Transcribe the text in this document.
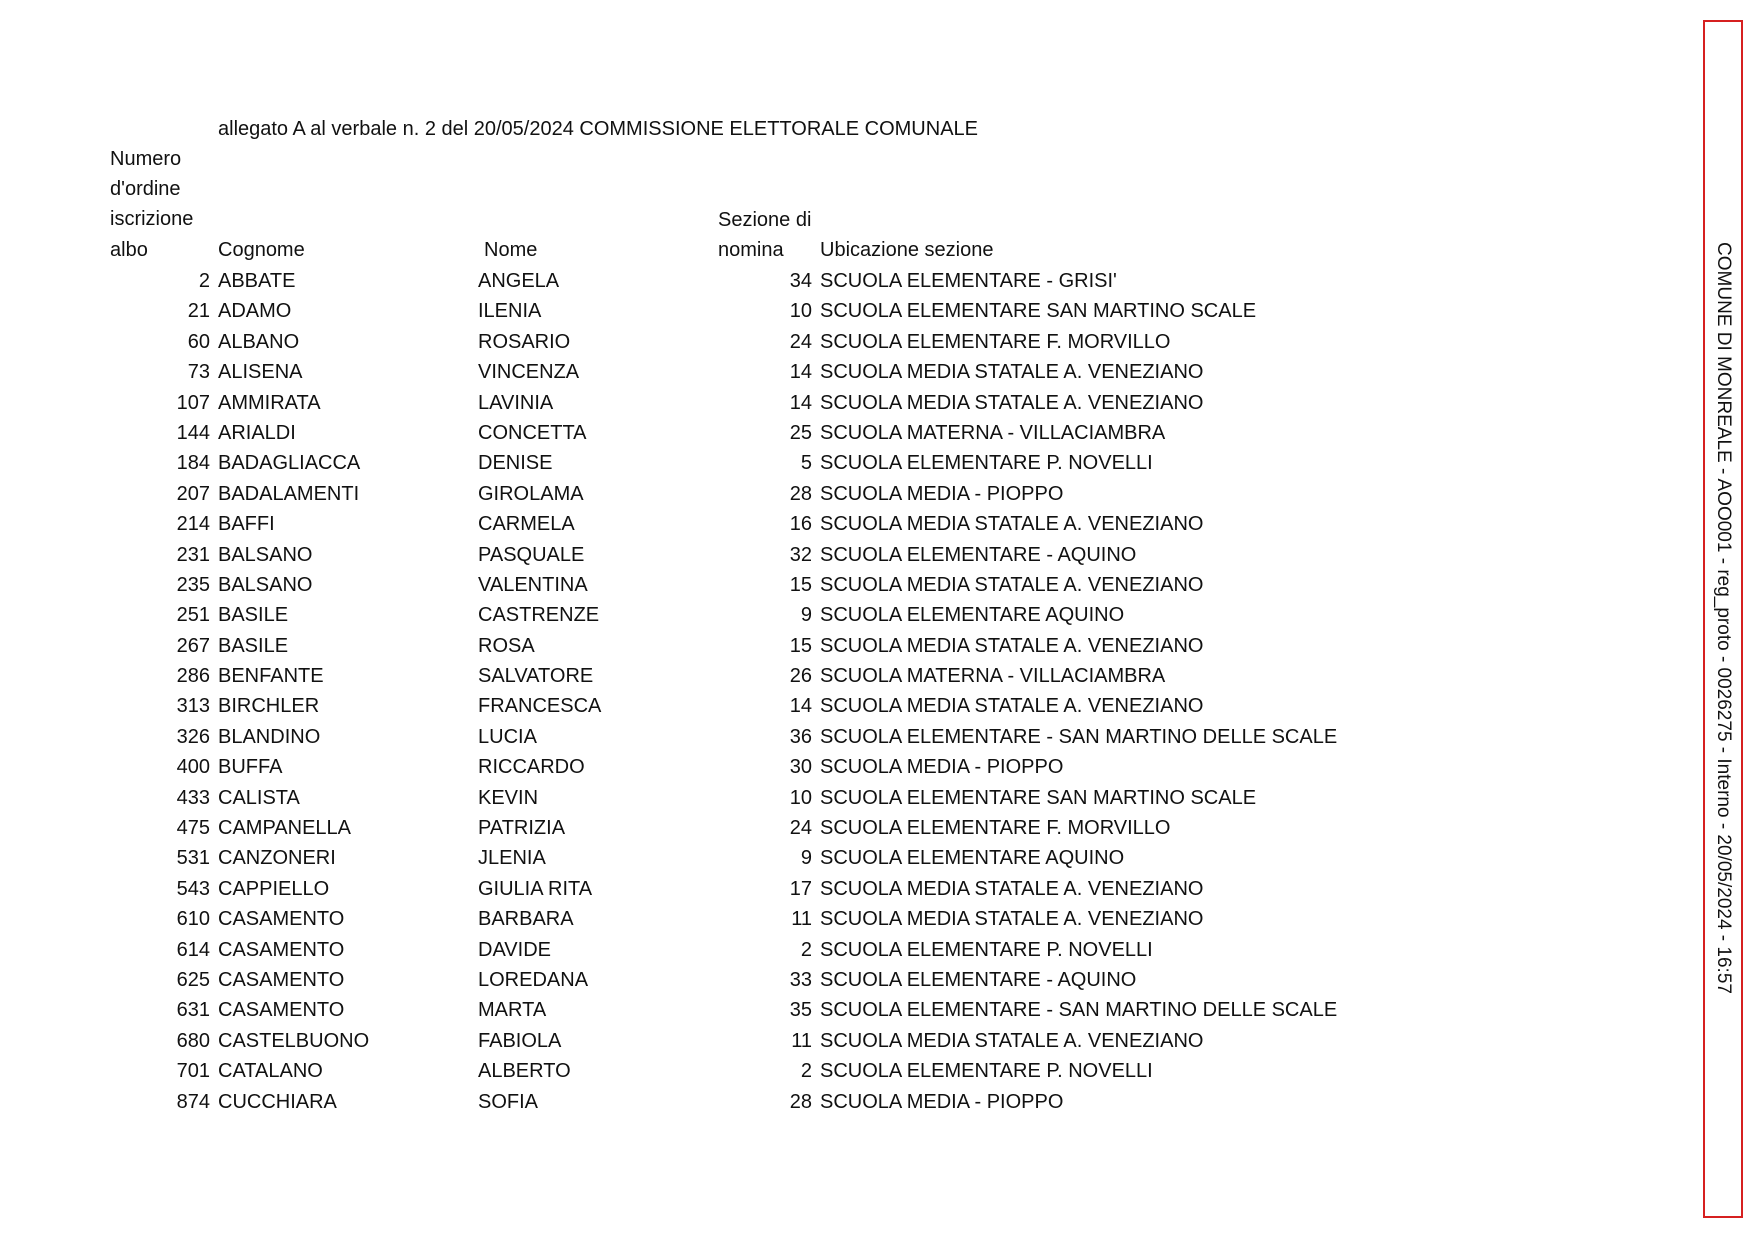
allegato A al verbale n. 2 del 20/05/2024 COMMISSIONE ELETTORALE COMUNALE
Numero
d'ordine
iscrizione
albo	Cognome	Nome
Sezione di
nomina	Ubicazione sezione
2 ABBATE	ANGELA	34 SCUOLA ELEMENTARE - GRISI'
21 ADAMO	ILENIA	10 SCUOLA ELEMENTARE SAN MARTINO SCALE
60 ALBANO	ROSARIO	24 SCUOLA ELEMENTARE F. MORVILLO
73 ALISENA	VINCENZA	14 SCUOLA MEDIA STATALE A. VENEZIANO
107 AMMIRATA	LAVINIA	14 SCUOLA MEDIA STATALE A. VENEZIANO
144 ARIALDI	CONCETTA	25 SCUOLA MATERNA - VILLACIAMBRA
184 BADAGLIACCA	DENISE	5 SCUOLA ELEMENTARE P. NOVELLI
207 BADALAMENTI	GIROLAMA	28 SCUOLA MEDIA - PIOPPO
214 BAFFI	CARMELA	16 SCUOLA MEDIA STATALE A. VENEZIANO
231 BALSANO	PASQUALE	32 SCUOLA ELEMENTARE - AQUINO
235 BALSANO	VALENTINA	15 SCUOLA MEDIA STATALE A. VENEZIANO
251 BASILE	CASTRENZE	9 SCUOLA ELEMENTARE AQUINO
267 BASILE	ROSA	15 SCUOLA MEDIA STATALE A. VENEZIANO
286 BENFANTE	SALVATORE	26 SCUOLA MATERNA - VILLACIAMBRA
313 BIRCHLER	FRANCESCA	14 SCUOLA MEDIA STATALE A. VENEZIANO
326 BLANDINO	LUCIA	36 SCUOLA ELEMENTARE - SAN MARTINO DELLE SCALE
400 BUFFA	RICCARDO	30 SCUOLA MEDIA - PIOPPO
433 CALISTA	KEVIN	10 SCUOLA ELEMENTARE SAN MARTINO SCALE
475 CAMPANELLA	PATRIZIA	24 SCUOLA ELEMENTARE F. MORVILLO
531 CANZONERI	JLENIA	9 SCUOLA ELEMENTARE AQUINO
543 CAPPIELLO	GIULIA RITA	17 SCUOLA MEDIA STATALE A. VENEZIANO
610 CASAMENTO	BARBARA	11 SCUOLA MEDIA STATALE A. VENEZIANO
614 CASAMENTO	DAVIDE	2 SCUOLA ELEMENTARE P. NOVELLI
625 CASAMENTO	LOREDANA	33 SCUOLA ELEMENTARE - AQUINO
631 CASAMENTO	MARTA	35 SCUOLA ELEMENTARE - SAN MARTINO DELLE SCALE
680 CASTELBUONO	FABIOLA	11 SCUOLA MEDIA STATALE A. VENEZIANO
701 CATALANO	ALBERTO	2 SCUOLA ELEMENTARE P. NOVELLI
874 CUCCHIARA	SOFIA	28 SCUOLA MEDIA - PIOPPO
COMUNE DI MONREALE - AOO001 - reg_proto - 0026275 - Interno - 20/05/2024 - 16:57
